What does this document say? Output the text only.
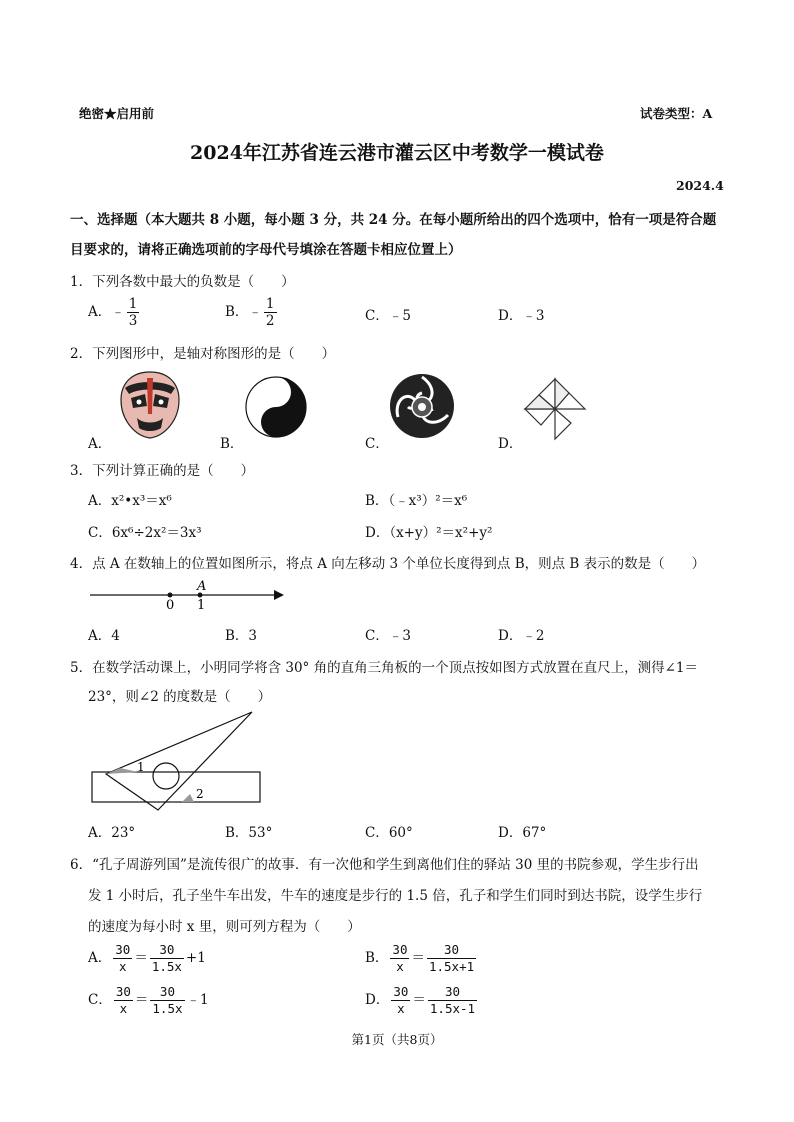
绝密★启用前	试卷类型：A
2024年江苏省连云港市灌云区中考数学一模试卷
2024.4
一、选择题（本大题共 8 小题，每小题 3 分，共 24 分。在每小题所给出的四个选项中，恰有一项是符合题
目要求的，请将正确选项前的字母代号填涂在答题卡相应位置上）
1．下列各数中最大的负数是（　　）
A．﹣ $\frac{1}{3}$	B．﹣ $\frac{1}{2}$	C．﹣5	D．﹣3
2．下列图形中，是轴对称图形的是（　　）
A．	B．	C．	D．
3．下列计算正确的是（　　）
A．x²•x³＝x⁶	B．（﹣x³）²＝x⁶
C．6x⁶÷2x²＝3x³	D．（x+y）²＝x²+y²
4．点 A 在数轴上的位置如图所示，将点 A 向左移动 3 个单位长度得到点 B，则点 B 表示的数是（　　）
0 1
A
A．4	B．3	C．﹣3	D．﹣2
5．在数学活动课上，小明同学将含 30° 角的直角三角板的一个顶点按如图方式放置在直尺上，测得∠1＝
23°，则∠2 的度数是（　　）
1
2
A．23°	B．53°	C．60°	D．67°
6．“孔子周游列国”是流传很广的故事．有一次他和学生到离他们住的驿站 30 里的书院参观，学生步行出
发 1 小时后，孔子坐牛车出发，牛车的速度是步行的 1.5 倍，孔子和学生们同时到达书院，设学生步行
的速度为每小时 x 里，则可列方程为（　　）
A． $\frac{30}{x} = \frac{30}{1.5x} +1$	B． $\frac{30}{x} = \frac{30}{1.5x+1}$
C． $\frac{30}{x} = \frac{30}{1.5x}$ ﹣1	D． $\frac{30}{x} = \frac{30}{1.5x-1}$
第1页（共8页）
